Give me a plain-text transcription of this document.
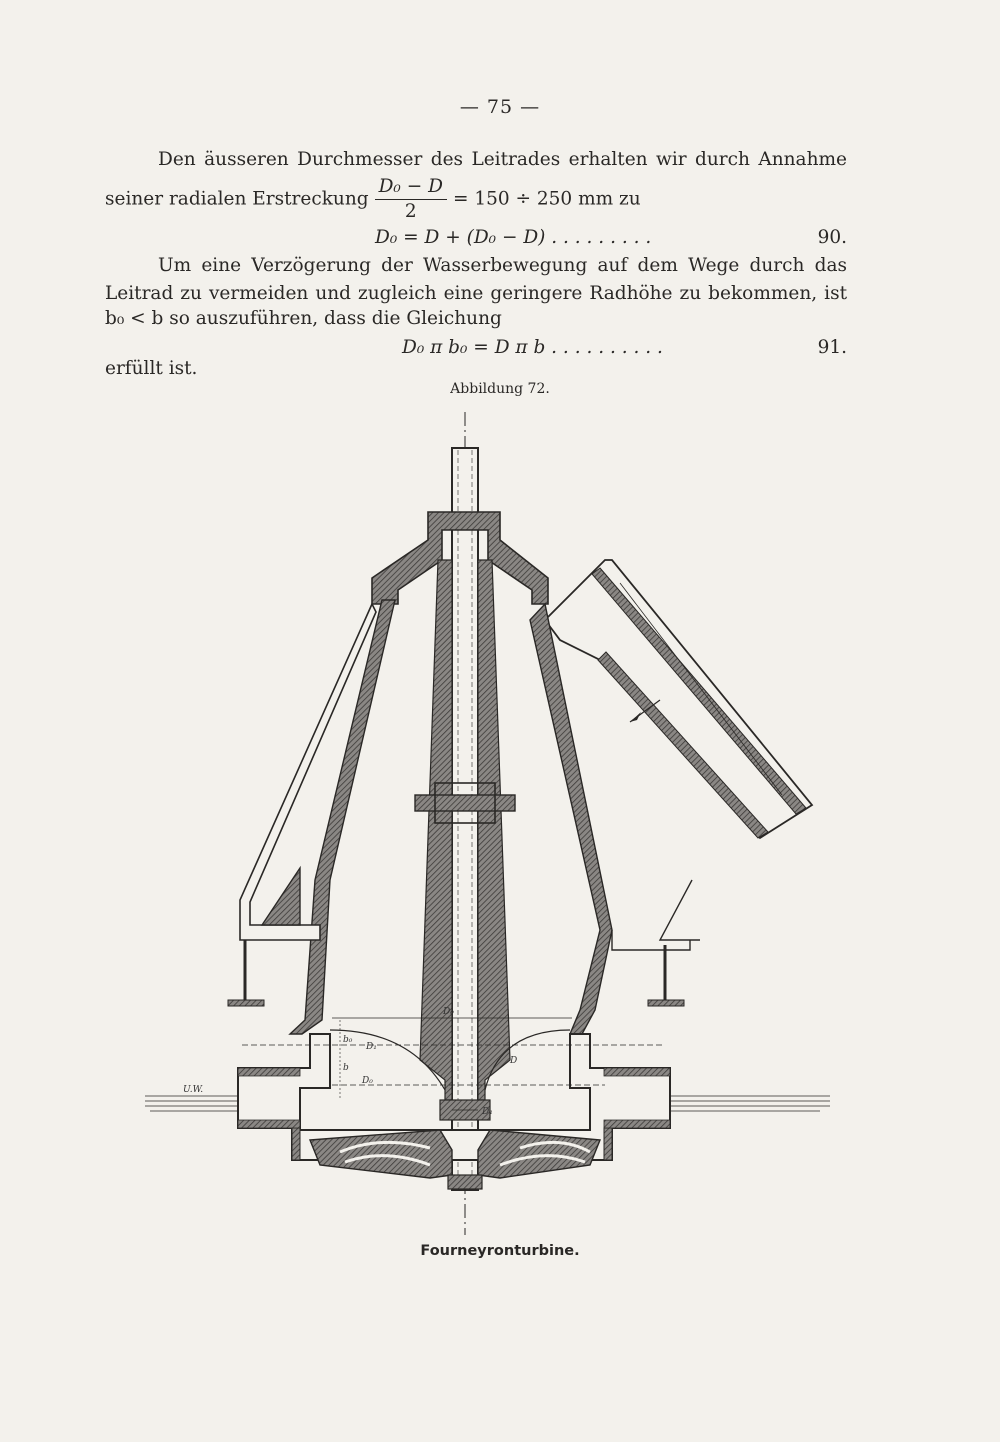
— 75 —
Den äusseren Durchmesser des Leitrades erhalten wir durch Annahme
seiner radialen Erstreckung $\frac{\text{D₀ − D}}{2} = 150 \div 250$ mm zu
D₀ = D + (D₀ − D) . . . . . . . . .	90.
Um eine Verzögerung der Wasserbewegung auf dem Wege durch das
Leitrad zu vermeiden und zugleich eine geringere Radhöhe zu bekommen, ist
b₀ < b so auszuführen, dass die Gleichung
D₀ π b₀ = D π b . . . . . . . . . .	91.
erfüllt ist.
Abbildung 72.
U.W.
D₀
D₁
D
D₀
D₁
b
b₀
Fourneyronturbine.
